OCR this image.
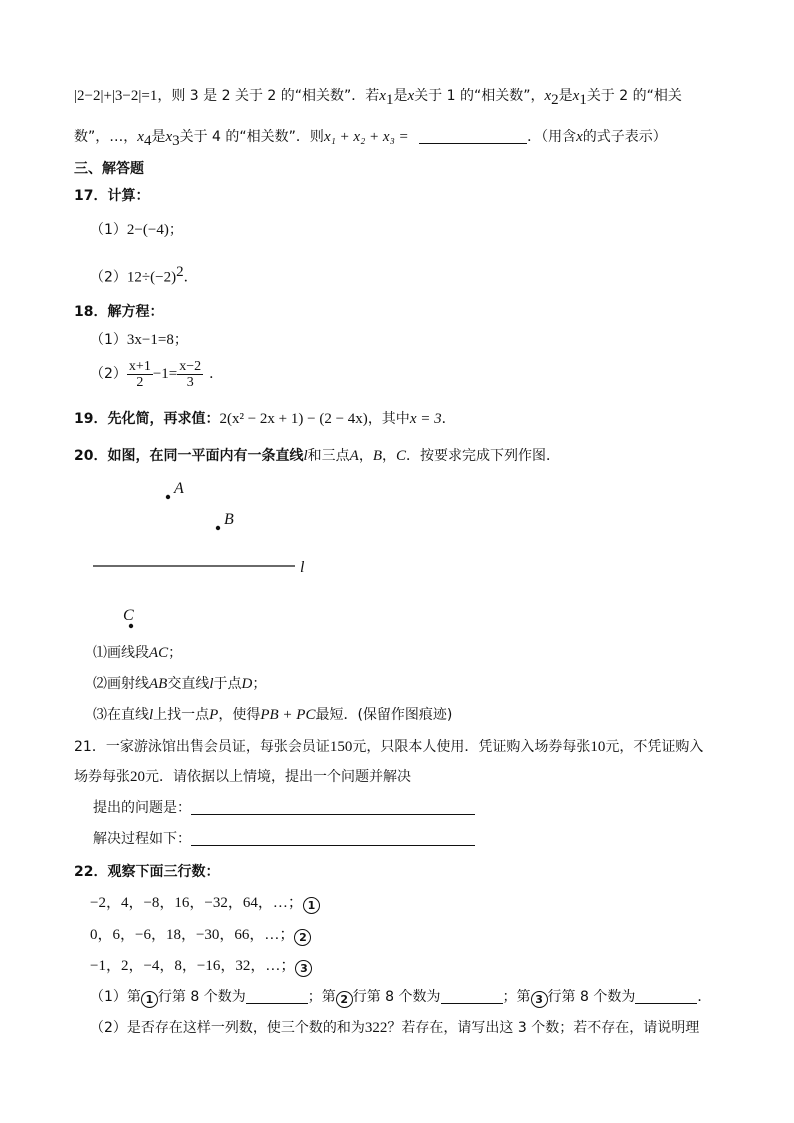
|2−2|+|3−2|=1，则 3 是 2 关于 2 的“相关数”．若$x_1$是x关于 1 的“相关数”，$x_2$是$x_1$关于 2 的“相关
数”，…，$x_4$是$x_3$关于 4 的“相关数”．则x₁ + x₂ + x₃ =	．（用含x的式子表示）
三、解答题
17．计算：
（1）2−(−4)；
$(2)12\div(-2)^2$．
18．解方程：
（1）3x−1=8；
$(2) \frac{x+1}{2} -1= \frac{x-2}{3}$ ．
19．先化简，再求值：2(x² − 2x + 1) − (2 − 4x)，其中x = 3．
20．如图，在同一平面内有一条直线l和三点A，B，C．按要求完成下列作图．
A
B
l
C
⑴画线段AC；
⑵画射线AB交直线l于点D；
⑶在直线l上找一点P，使得PB + PC最短．(保留作图痕迹)
21．一家游泳馆出售会员证，每张会员证150元，只限本人使用．凭证购入场券每张10元，不凭证购入
场券每张20元．请依据以上情境，提出一个问题并解决
提出的问题是：
解决过程如下：
22．观察下面三行数：
−2，4，−8，16，−32，64，…； 1
0，6，−6，18，−30，66，…； 2
−1，2，−4，8，−16，32，…； 3
（1）第 1 行第 8 个数为	；第 2 行第 8 个数为	；第 3 行第 8 个数为	．
（2）是否存在这样一列数，使三个数的和为322？若存在，请写出这 3 个数；若不存在，请说明理
